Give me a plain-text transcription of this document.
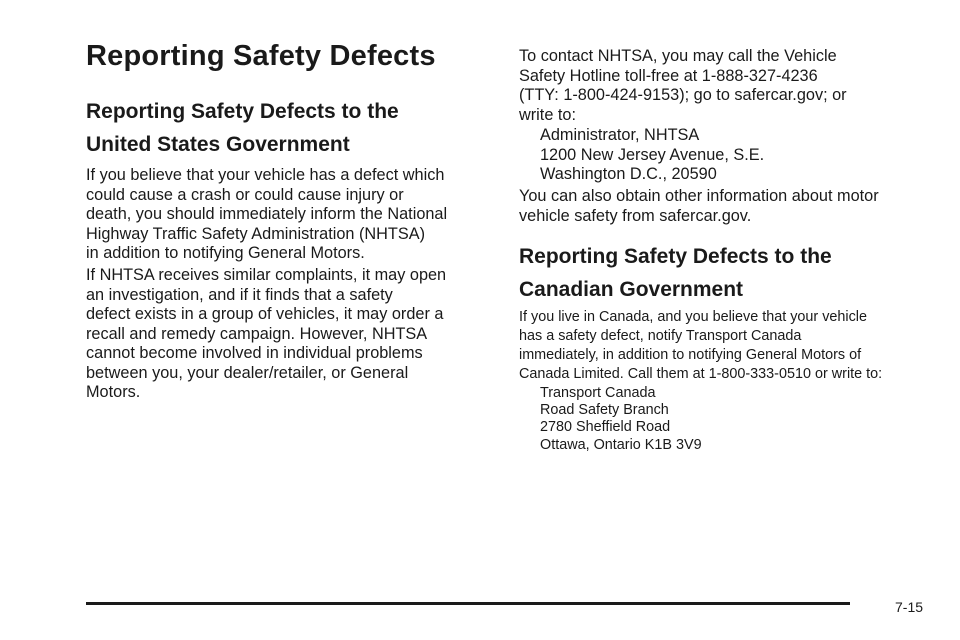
Reporting Safety Defects
Reporting Safety Defects to the
United States Government

If you believe that your vehicle has a defect which
could cause a crash or could cause injury or
death, you should immediately inform the National
Highway Traffic Safety Administration (NHTSA)
in addition to notifying General Motors.

If NHTSA receives similar complaints, it may open
an investigation, and if it finds that a safety
defect exists in a group of vehicles, it may order a
recall and remedy campaign. However, NHTSA
cannot become involved in individual problems
between you, your dealer/retailer, or General
Motors.

To contact NHTSA, you may call the Vehicle
Safety Hotline toll-free at 1-888-327-4236
(TTY: 1-800-424-9153); go to safercar.gov; or
write to:

Administrator, NHTSA
1200 New Jersey Avenue, S.E.
Washington D.C., 20590

You can also obtain other information about motor
vehicle safety from safercar.gov.

Reporting Safety Defects to the
Canadian Government

If you live in Canada, and you believe that your vehicle
has a safety defect, notify Transport Canada
immediately, in addition to notifying General Motors of
Canada Limited. Call them at 1-800-333-0510 or write to:

Transport Canada
Road Safety Branch
2780 Sheffield Road
Ottawa, Ontario K1B 3V9
7-15
